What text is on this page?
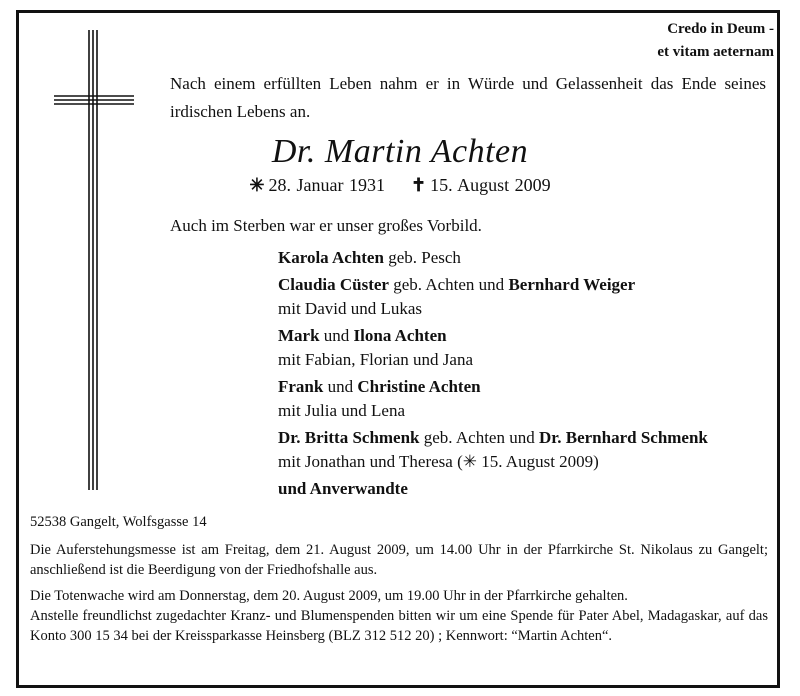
Credo in Deum -
et vitam aeternam
Nach einem erfüllten Leben nahm er in Würde und Gelassenheit das Ende seines irdischen Lebens an.
Dr. Martin Achten
✳ 28. Januar 1931 ✝ 15. August 2009
Auch im Sterben war er unser großes Vorbild.
Karola Achten geb. Pesch
Claudia Cüster geb. Achten und Bernhard Weiger
mit David und Lukas
Mark und Ilona Achten
mit Fabian, Florian und Jana
Frank und Christine Achten
mit Julia und Lena
Dr. Britta Schmenk geb. Achten und Dr. Bernhard Schmenk
mit Jonathan und Theresa (✳ 15. August 2009)
und Anverwandte
52538 Gangelt, Wolfsgasse 14
Die Auferstehungsmesse ist am Freitag, dem 21. August 2009, um 14.00 Uhr in der Pfarrkirche St. Nikolaus zu Gangelt; anschließend ist die Beerdigung von der Friedhofshalle aus.
Die Totenwache wird am Donnerstag, dem 20. August 2009, um 19.00 Uhr in der Pfarrkirche gehalten.
Anstelle freundlichst zugedachter Kranz- und Blumenspenden bitten wir um eine Spende für Pater Abel, Madagaskar, auf das Konto 300 15 34 bei der Kreissparkasse Heinsberg (BLZ 312 512 20) ; Kennwort: “Martin Achten“.
